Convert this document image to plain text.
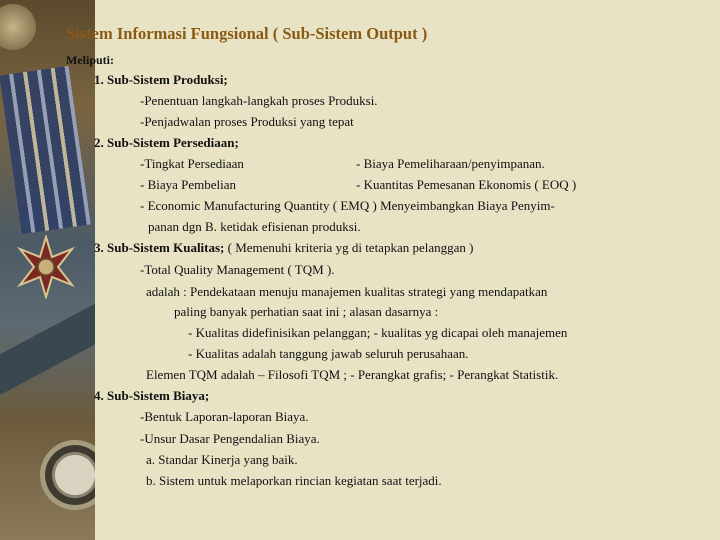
Sistem Informasi Fungsional ( Sub-Sistem Output )
Meliputi:
1. Sub-Sistem Produksi;
-Penentuan langkah-langkah proses Produksi.
-Penjadwalan proses Produksi yang tepat
2. Sub-Sistem Persediaan;
-Tingkat Persediaan	- Biaya Pemeliharaan/penyimpanan.
- Biaya Pembelian	- Kuantitas Pemesanan Ekonomis ( EOQ )
- Economic Manufacturing Quantity ( EMQ ) Menyeimbangkan Biaya Penyim-
panan dgn B. ketidak efisienan produksi.
3. Sub-Sistem Kualitas; ( Memenuhi kriteria yg di tetapkan pelanggan )
-Total Quality Management ( TQM ).
adalah : Pendekataan menuju manajemen kualitas strategi yang mendapatkan
paling banyak perhatian saat ini ; alasan dasarnya :
- Kualitas didefinisikan pelanggan; - kualitas yg dicapai oleh manajemen
- Kualitas adalah tanggung jawab seluruh perusahaan.
Elemen TQM adalah – Filosofi TQM ; - Perangkat grafis; - Perangkat Statistik.
4. Sub-Sistem Biaya;
-Bentuk Laporan-laporan Biaya.
-Unsur Dasar Pengendalian Biaya.
a. Standar Kinerja yang baik.
b. Sistem untuk melaporkan rincian kegiatan saat terjadi.
